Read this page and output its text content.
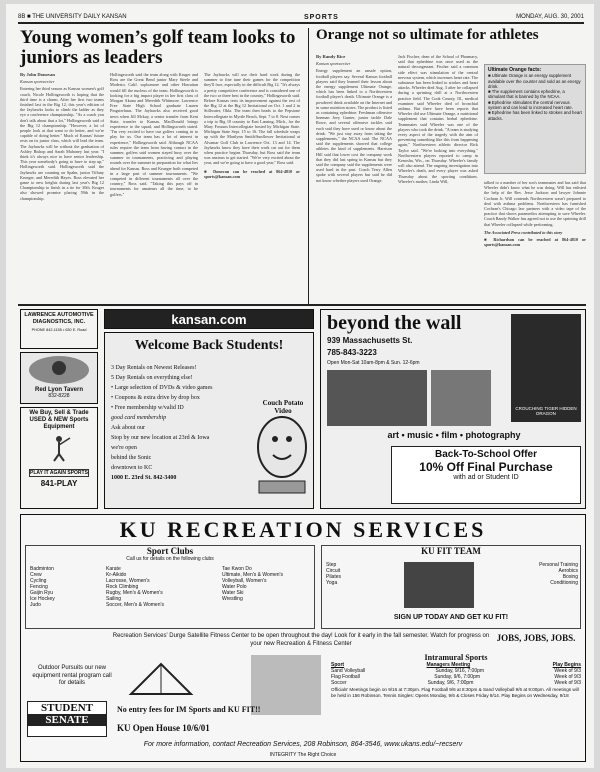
8B ■ THE UNIVERSITY DAILY KANSAN	SPORTS	MONDAY, AUG. 30, 2001
Young women’s golf team looks to juniors as leaders
By John Donovan
Kansan sportswriter
Entering her third season as Kansas women's golf coach, Nicole Hollingsworth is hoping that the third time is a charm. After her first two teams finished last in the Big 12, this year's edition of the Jayhawks looks to climb the ladder as they eye a conference championship. "As a coach you don't talk about that a lot," Hollingsworth said of the Big 12 championship. "However, a lot of people look at that want to do better, and we're capable of doing better." Much of Kansas' future rests on its junior class, which will lead the team. The Jayhawks will be without the graduation of Ashley Bishop and Sarah Mahoney last year. "I think it's always nice to have senior leadership. This year somebody's going to have to step up," Hollingsworth said. Hollingsworth said the Jayhawks are counting on Spahn, junior Tiffany Krueger, and Meredith Hayes. Ross elevated her game to new heights during last year's Big 12 Championship to finish in a tie for 30th. Kruger also showed promise placing 59th in the championship.
Hollingsworth said the team along with Kruger and Ross are the Great Bend junior Mary Steele and Modesto, Calif. sophomore and other Hawaiian would fill the nucleus of the team. Hollingsworth is looking for a big impact player in her first class of Morgan Akuna and Meredith Whitmore. Lawrence Free State High School graduate Lauren Pingsterhaus. The Jayhawks also received good news when Jill Mckay, a senior transfer from Kent State, transfer to Kansas. MacDonald brings experience to the squad, and Hollingsworth stated. "I'm very excited to have our golfers coming in to play for us. Our team has a lot of interest in experience," Hollingsworth said. Although NCAA rules require the team from having contact in the summer, golfers said women stayed busy over the summer in tournaments, practicing and playing rounds over the summer in preparation for what lies ahead for Kansas. Ross and Krueger both competed in a large part of summer tournaments. "We competed in different tournaments all over the country," Ross said. "Taking this pays off in tournaments for amateurs all the time, to be golfers."
The Jayhawks will use their hard work during the summer to fine tune their games for the competition they'll face, especially in the difficult Big 12. "It's always a pretty competitive conference and is considered one of the two or three best in the country," Hollingsworth said. Before Kansas tests its improvement against the rest of the Big 12 at the Big 12 Invitational on Oct. 1 and 2 in Stillwater, Okla. The team then heads to the Pepsione Intercollegiate in Myrtle Beach, Sept. 7 to 8. Next comes a trip to Big 10 country to East Lansing, Mich., for the Mary Fossum Intercollegiate hosted by Michigan State. Michigan State Sept. 15 to 16. The fall schedule wraps up with the Marilynn Smith/Sunflower Invitational at Alvamar Golf Club in Lawrence Oct. 13 and 14. The Jayhawks know they have their work cut out for them when practice begins Thursday, but Ross said the team was anxious to get started. "We're very excited about the year, and we're going to have a good year," Ross said.
■ Donovan can be reached at 864-4810 or sports@kansan.com
Orange not so ultimate for athletes
By Randy Rice
Kansan sportswriter
Energy supplement an unsafe option, football players say. Several Kansas football players said they learned their lesson about the energy supplement Ultimate Orange, which has been linked to a Northwestern football player's death. Ultimate Orange is a powdered drink available on the Internet and in some nutrition stores. The product is listed as containing ephedrine. Freshman offensive lineman Joey Gunter, junior tackle Dale Rowe, and several offensive tackles said each said they have used or know about the drink. "We just stay away from taking the supplements," the NCAA said. The NCAA said the supplements showed that college athletes the kind of supplements. Harrison Hill said that lower cost the company work that they did last spring in Kansas but they said the company said the supplements were used hard in the past. Coach Terry Allen spoke with several players but said he did not know whether players used Orange.
Jack Fischer, dean of the School of Pharmacy, said that ephedrine was once used as the natural decongestant. Fischer said a common side effect was stimulation of the central nervous system, which increases heart rate. The substance has been linked to strokes and heart attacks. Wheeler died Aug. 3 after he collapsed during a sprinting drill at a Northwestern practice field. The Cook County, Ill., medical examiner said Wheeler died of bronchial asthma. But there have been reports that Wheeler did use Ultimate Orange, a nutritional supplement that contains herbal ephedrine. Teammates said Wheeler was one of the players who took the drink. "A team is studying every aspect of the tragedy with the aim of preventing something like this from happening again," Northwestern athletic director Rick Taylor said. "We're looking into everything." Northwestern players reported to camp in Kenosha, Wis., on Thursday. Wheeler's family will also attend. The ongoing investigation into Wheeler's death, and every player was asked Thursday about the sporting conditions. Wheeler's mother, Linda Will,
Ultimate Orange facts:
■ Ultimate Orange is an energy supplement available over the counter and sold as an energy drink.
■ The supplement contains ephedrine, a stimulant that is banned by the NCAA.
■ Ephedrine stimulates the central nervous system and can lead to increased heart rate.
■ Ephedrine has been linked to strokes and heart attacks.
talked to a number of her son's teammates and has said that Wheeler didn't know what he was doing. Will has enlisted the help of the Rev. Jesse Jackson and lawyer Johnnie Cochran Jr. Will contends Northwestern wasn't prepared to deal with asthma problems. Northwestern has furnished Cochran's Chicago law partners with a video tape of the practice that shows paramedics attempting to save Wheeler. Coach Randy Walker has agreed not to use the sprinting drill that Wheeler collapsed while performing.
The Associated Press contributed to this story
■ Richardson can be reached at 864-4810 or sports@kansan.com
LAWRENCE AUTOMOTIVE DIAGNOSTICS, INC.
PHONE 842-1155 • 630 E. Road
Red Lyon Tavern
832-8228
We Buy, Sell & Trade USED & NEW Sports Equipment
PLAY IT AGAIN SPORTS
841-PLAY
kansan.com
Welcome Back Students!
3 Day Rentals on Newest Releases!
5 Day Rentals on everything else!
• Large selection of DVDs & video games
• Coupons & extra drive by drop box
• Free membership w/valid ID
good card membership
Ask about our
Stop by our new location at 23rd & Iowa
we're open
behind the Sonic
downtown to KC
1000 E. 23rd St. 842-3400
Couch Potato Video
beyond the wall
939 Massachusetts St.
785-843-3223
Open Mon-Sat 10am-8pm & Sun. 12-6pm
CROUCHING TIGER HIDDEN DRAGON
art • music • film • photography
Back-To-School Offer
10% Off Final Purchase
with ad or Student ID
KU RECREATION SERVICES
Sport Clubs
Call us for details on the following clubs
Badminton
Crew
Cycling
Fencing
Gaijin Ryu
Ice Hockey
Judo
Karate
Kr-Aikido
Lacrosse, Women's
Rock Climbing
Rugby, Men's & Women's
Sailing
Soccer, Men's & Women's
Tae Kwon Do
Ultimate, Men's & Women's
Volleyball, Women's
Water Polo
Water Ski
Wrestling
KU FIT TEAM
Step
Circuit
Pilates
Yoga
Personal Training
Aerobics
Boxing
Conditioning
SIGN UP TODAY AND GET KU FIT!
Recreation Services' Durge Satellite Fitness Center to be open throughout the day! Look for it early in the fall semester. Watch for progress on your new Recreation & Fitness Center
Outdoor Pursuits our new equipment rental program call for details
Intramural Sports
Sport	Managers Meeting	Play Begins
Sand Volleyball	Sunday, 9/16, 7:00pm	Week of 9/3
Flag Football	Sunday, 9/6, 7:00pm	Week of 9/3
Soccer	Sunday, 9/6, 7:00pm	Week of 9/3
Officials' Meetings begin on 9/16 at 7:30pm. Flag Football 9/6 at 8:30pm & Sand Volleyball 9/6 at 9:00pm. All meetings will be held in 156 Robinson. Tennis Singles: Opens Monday, 9/6 & Closes Friday 9/14. Play Begins on Wednesday, 9/18
JOBS, JOBS, JOBS.
STUDENT
SENATE
No entry fees for IM Sports and KU FIT!!
KU Open House 10/6/01
For more information, contact Recreation Services, 208 Robinson, 864-3546, www.ukans.edu/~recserv
INTEGRITY The Right Choice
